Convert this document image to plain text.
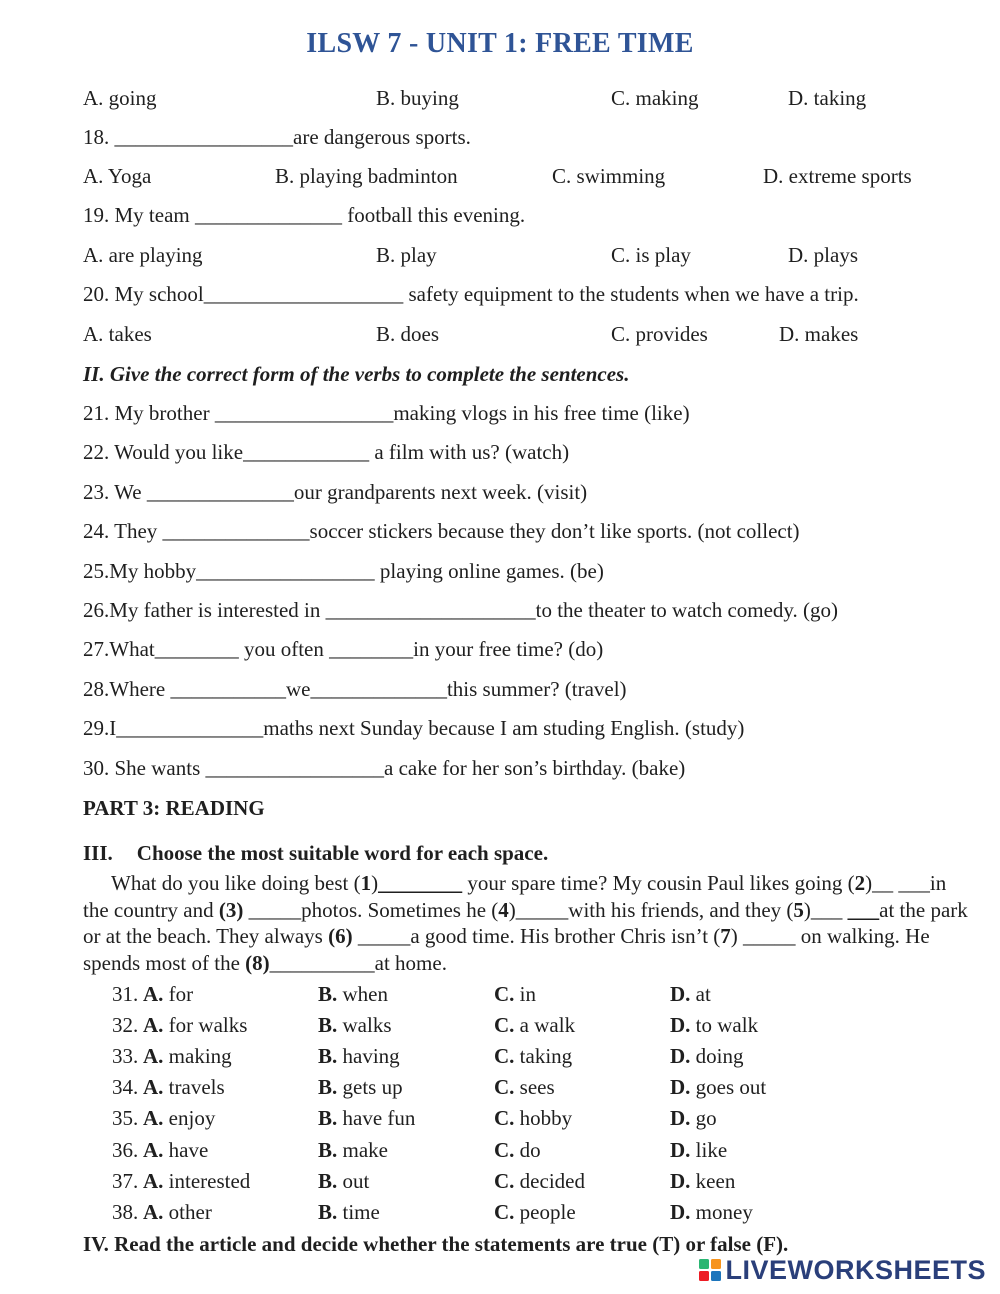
ILSW 7 - UNIT 1: FREE TIME
A. going	B. buying	C. making	D. taking
18. _________________are dangerous sports.
A. Yoga	B. playing badminton	C. swimming	D. extreme sports
19. My team ______________ football this evening.
A. are playing	B. play	C. is play	D. plays
20. My school___________________ safety equipment to the students when we have a trip.
A. takes	B. does	C. provides	D. makes
II. Give the correct form of the verbs to complete the sentences.
21. My brother _________________making vlogs in his free time (like)
22. Would you like____________ a film with us? (watch)
23. We ______________our grandparents next week. (visit)
24. They ______________soccer stickers because they don’t like sports. (not collect)
25.My hobby_________________ playing online games. (be)
26.My father is interested in ____________________to the theater to watch comedy. (go)
27.What________ you often ________in your free time? (do)
28.Where ___________we_____________this summer? (travel)
29.I______________maths next Sunday because I am studing English. (study)
30. She wants _________________a cake for her son’s birthday. (bake)
PART 3: READING
III. Choose the most suitable word for each space.
What do you like doing best (1)________ your spare time? My cousin Paul likes going (2)__ ___in the country and (3) _____photos. Sometimes he (4)_____with his friends, and they (5)___ ___at the park or at the beach. They always (6) _____a good time. His brother Chris isn’t (7) _____ on walking. He spends most of the (8)__________at home.
31. A. for	B. when	C. in	D. at
32. A. for walks	B. walks	C. a walk	D. to walk
33. A. making	B. having	C. taking	D. doing
34. A. travels	B. gets up	C. sees	D. goes out
35. A. enjoy	B. have fun	C. hobby	D. go
36. A. have	B. make	C. do	D. like
37. A. interested	B. out	C. decided	D. keen
38. A. other	B. time	C. people	D. money
IV. Read the article and decide whether the statements are true (T) or false (F).
LIVEWORKSHEETS
